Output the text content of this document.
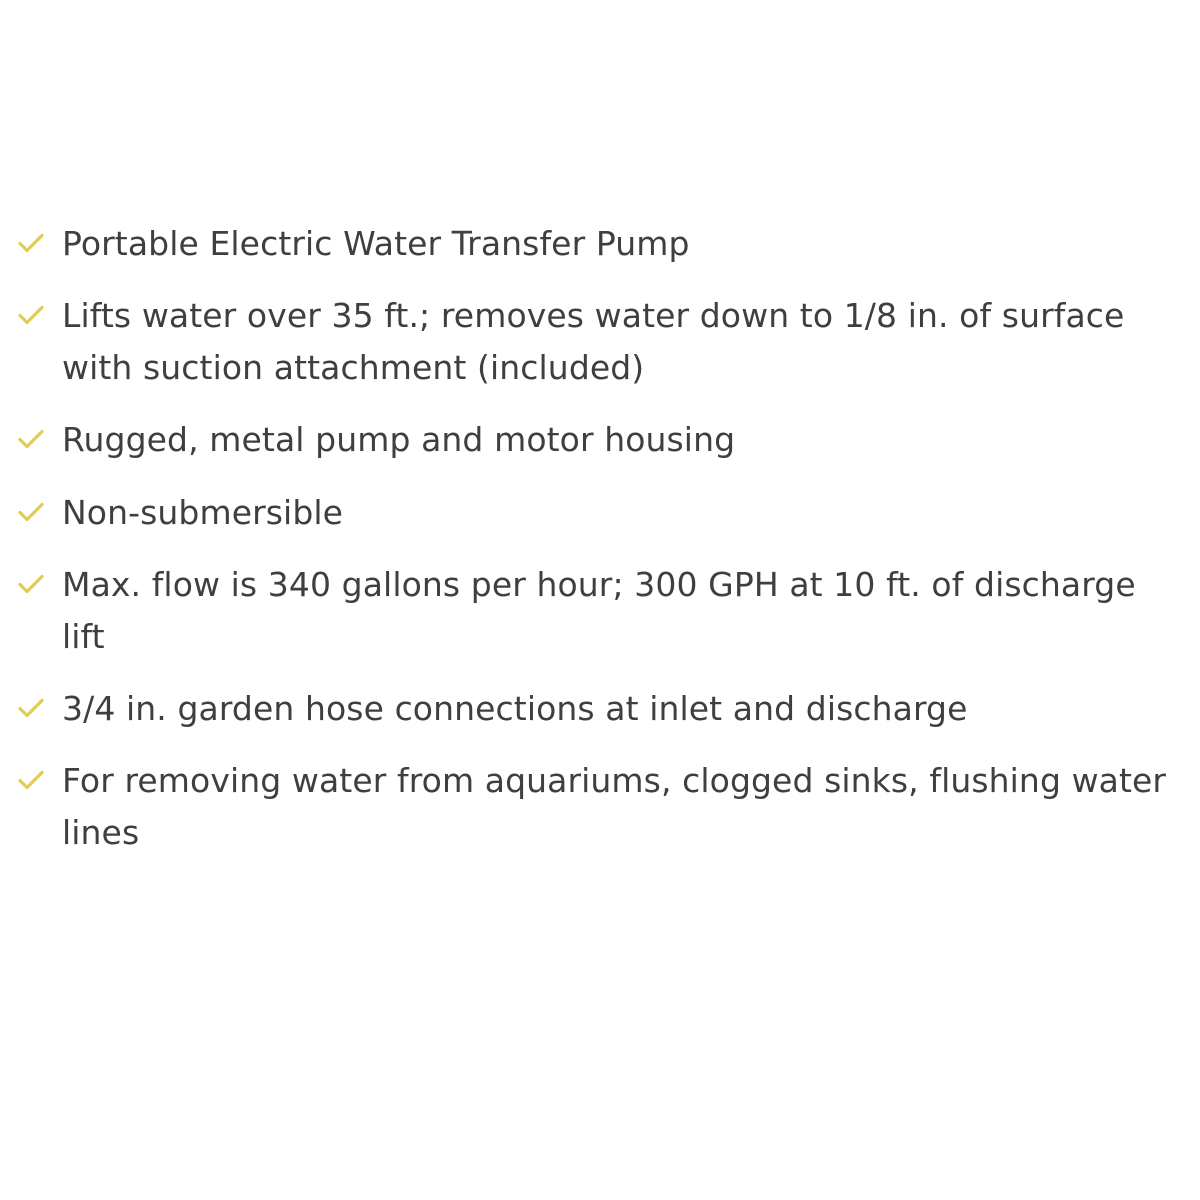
Portable Electric Water Transfer Pump
Lifts water over 35 ft.; removes water down to 1/8 in. of surface with suction attachment (included)
Rugged, metal pump and motor housing
Non-submersible
Max. flow is 340 gallons per hour; 300 GPH at 10 ft. of discharge lift
3/4 in. garden hose connections at inlet and discharge
For removing water from aquariums, clogged sinks, flushing water lines
